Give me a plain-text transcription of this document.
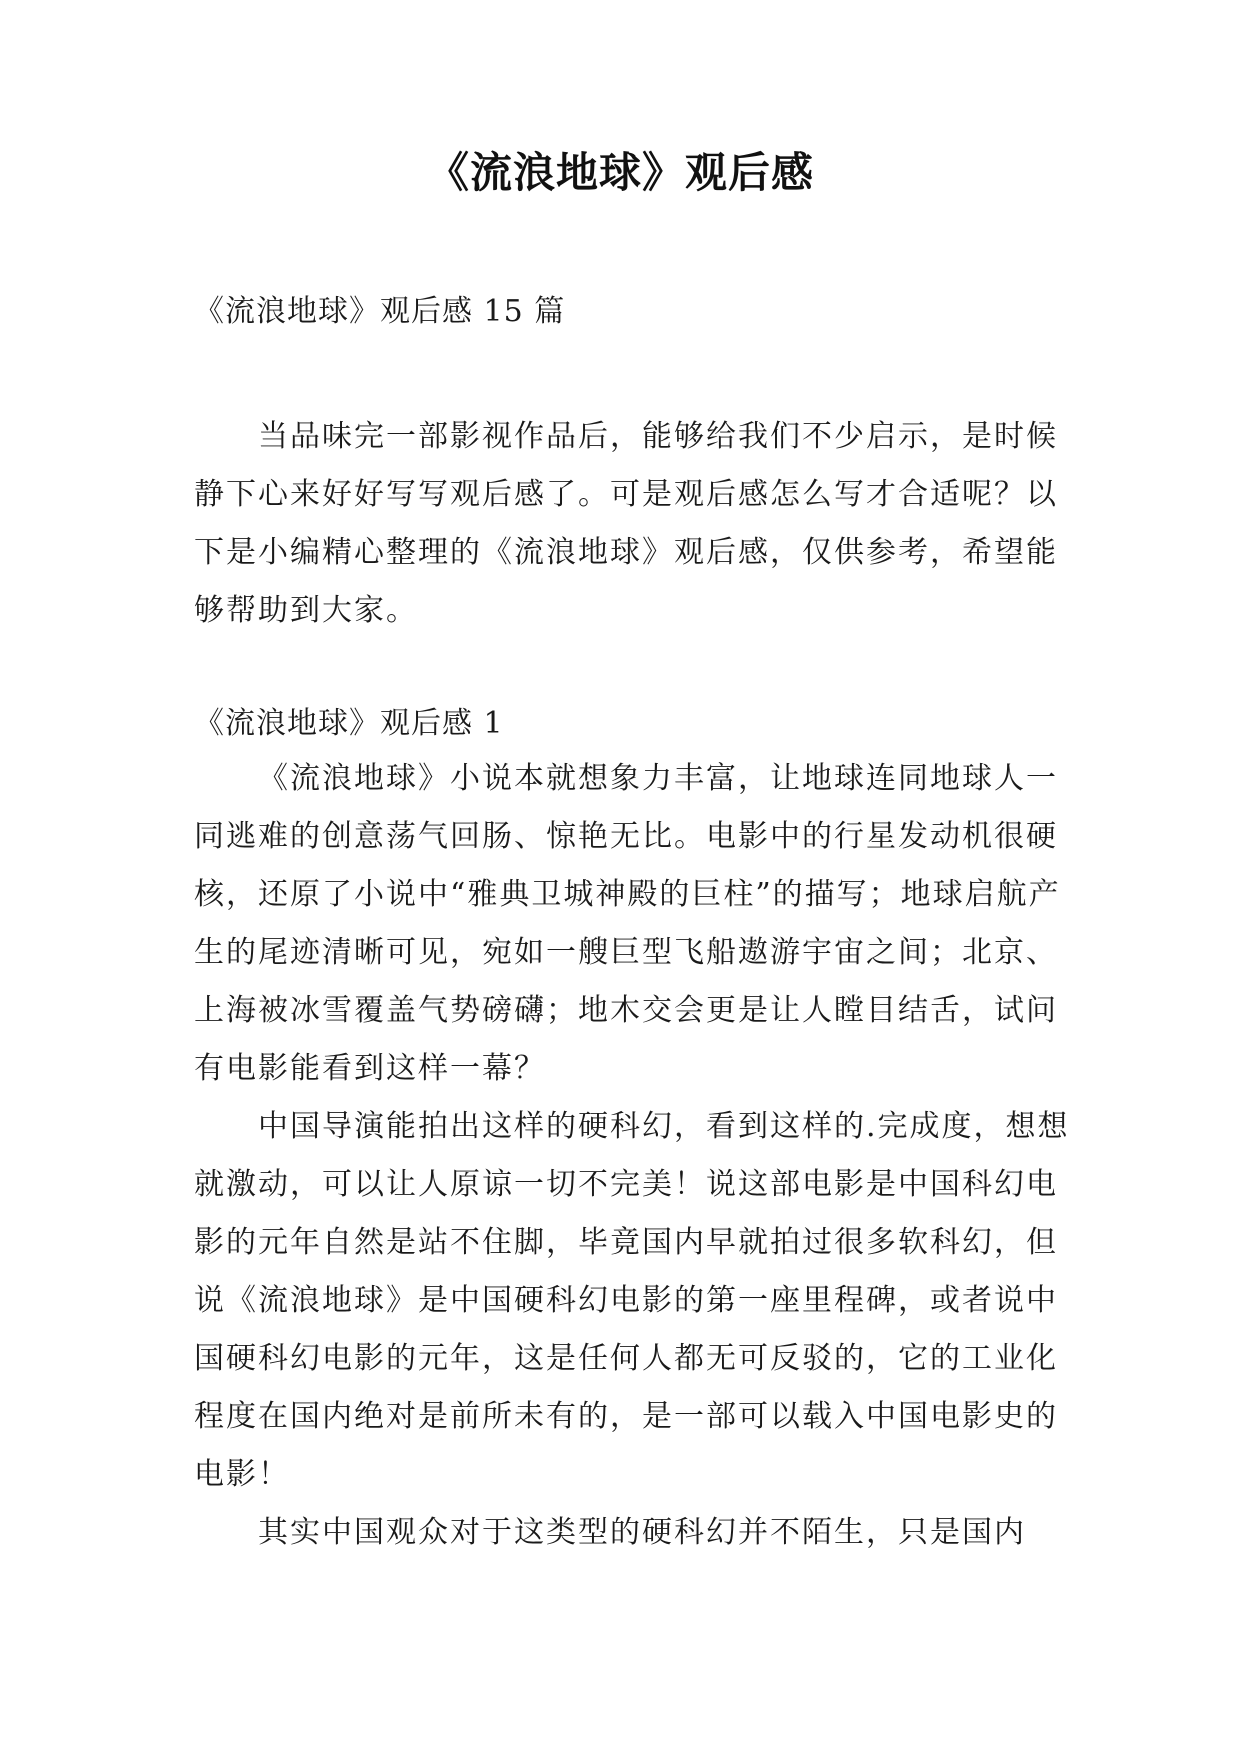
《流浪地球》观后感
《流浪地球》观后感 15 篇

当品味完一部影视作品后，能够给我们不少启示，是时候静下心来好好写写观后感了。可是观后感怎么写才合适呢？以下是小编精心整理的《流浪地球》观后感，仅供参考，希望能够帮助到大家。

《流浪地球》观后感 1

《流浪地球》小说本就想象力丰富，让地球连同地球人一同逃难的创意荡气回肠、惊艳无比。电影中的行星发动机很硬核，还原了小说中“雅典卫城神殿的巨柱”的描写；地球启航产生的尾迹清晰可见，宛如一艘巨型飞船遨游宇宙之间；北京、上海被冰雪覆盖气势磅礴；地木交会更是让人瞠目结舌，试问有电影能看到这样一幕？

中国导演能拍出这样的硬科幻，看到这样的.完成度，想想就激动，可以让人原谅一切不完美！说这部电影是中国科幻电影的元年自然是站不住脚，毕竟国内早就拍过很多软科幻，但说《流浪地球》是中国硬科幻电影的第一座里程碑，或者说中国硬科幻电影的元年，这是任何人都无可反驳的，它的工业化程度在国内绝对是前所未有的，是一部可以载入中国电影史的电影！

其实中国观众对于这类型的硬科幻并不陌生，只是国内
